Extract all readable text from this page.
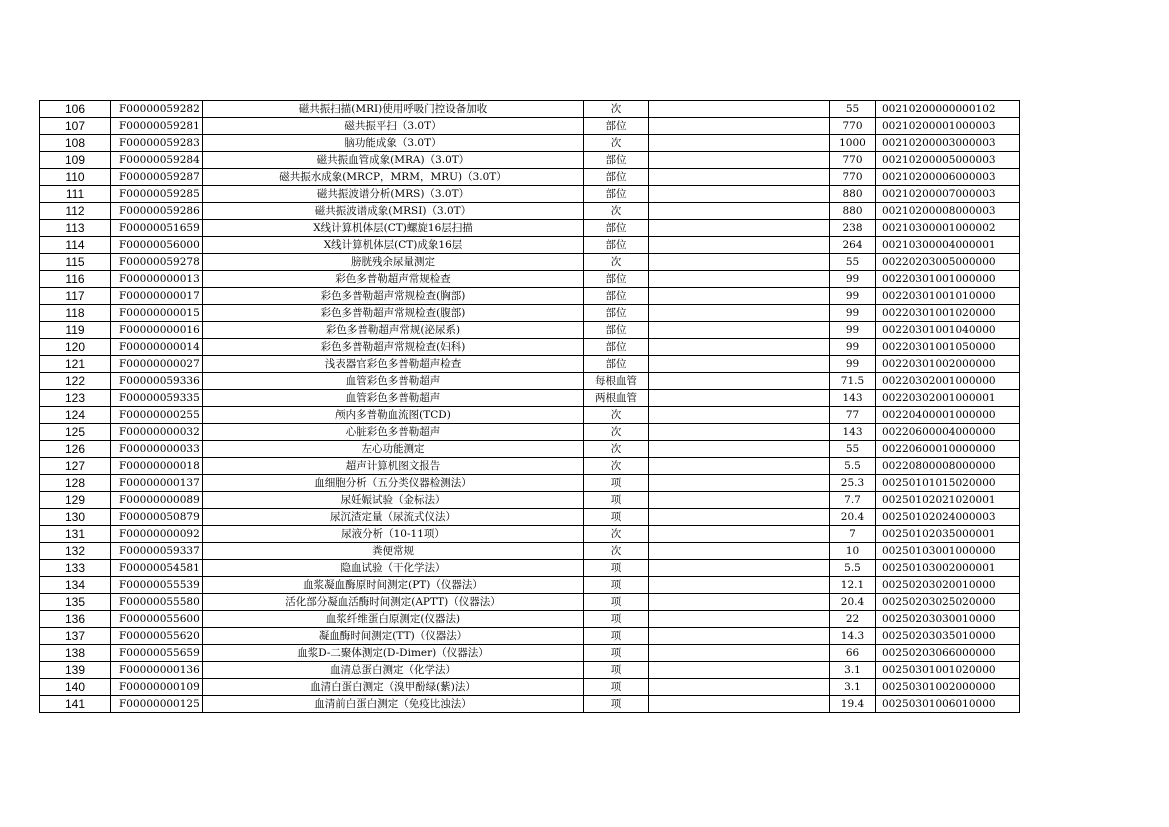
106	F00000059282	磁共振扫描(MRI)使用呼吸门控设备加收	次		55	00210200000000102
107	F00000059281	磁共振平扫（3.0T）	部位		770	00210200001000003
108	F00000059283	脑功能成象（3.0T）	次		1000	00210200003000003
109	F00000059284	磁共振血管成象(MRA)（3.0T）	部位		770	00210200005000003
110	F00000059287	磁共振水成象(MRCP，MRM，MRU)（3.0T）	部位		770	00210200006000003
111	F00000059285	磁共振波谱分析(MRS)（3.0T）	部位		880	00210200007000003
112	F00000059286	磁共振波谱成象(MRSI)（3.0T）	次		880	00210200008000003
113	F00000051659	X线计算机体层(CT)螺旋16层扫描	部位		238	00210300001000002
114	F00000056000	X线计算机体层(CT)成象16层	部位		264	00210300004000001
115	F00000059278	膀胱残余尿量测定	次		55	00220203005000000
116	F00000000013	彩色多普勒超声常规检查	部位		99	00220301001000000
117	F00000000017	彩色多普勒超声常规检查(胸部)	部位		99	00220301001010000
118	F00000000015	彩色多普勒超声常规检查(腹部)	部位		99	00220301001020000
119	F00000000016	彩色多普勒超声常规(泌尿系)	部位		99	00220301001040000
120	F00000000014	彩色多普勒超声常规检查(妇科)	部位		99	00220301001050000
121	F00000000027	浅表器官彩色多普勒超声检查	部位		99	00220301002000000
122	F00000059336	血管彩色多普勒超声	每根血管		71.5	00220302001000000
123	F00000059335	血管彩色多普勒超声	两根血管		143	00220302001000001
124	F00000000255	颅内多普勒血流图(TCD)	次		77	00220400001000000
125	F00000000032	心脏彩色多普勒超声	次		143	00220600004000000
126	F00000000033	左心功能测定	次		55	00220600010000000
127	F00000000018	超声计算机图文报告	次		5.5	00220800008000000
128	F00000000137	血细胞分析（五分类仪器检测法）	项		25.3	00250101015020000
129	F00000000089	尿妊娠试验（金标法）	项		7.7	00250102021020001
130	F00000050879	尿沉渣定量（尿流式仪法）	项		20.4	00250102024000003
131	F00000000092	尿液分析（10-11项）	次		7	00250102035000001
132	F00000059337	粪便常规	次		10	00250103001000000
133	F00000054581	隐血试验（干化学法）	项		5.5	00250103002000001
134	F00000055539	血浆凝血酶原时间测定(PT)（仪器法）	项		12.1	00250203020010000
135	F00000055580	活化部分凝血活酶时间测定(APTT)（仪器法）	项		20.4	00250203025020000
136	F00000055600	血浆纤维蛋白原测定(仪器法)	项		22	00250203030010000
137	F00000055620	凝血酶时间测定(TT)（仪器法）	项		14.3	00250203035010000
138	F00000055659	血浆D-二聚体测定(D-Dimer)（仪器法）	项		66	00250203066000000
139	F00000000136	血清总蛋白测定（化学法）	项		3.1	00250301001020000
140	F00000000109	血清白蛋白测定（溴甲酚绿(紫)法）	项		3.1	00250301002000000
141	F00000000125	血清前白蛋白测定（免疫比浊法）	项		19.4	00250301006010000
